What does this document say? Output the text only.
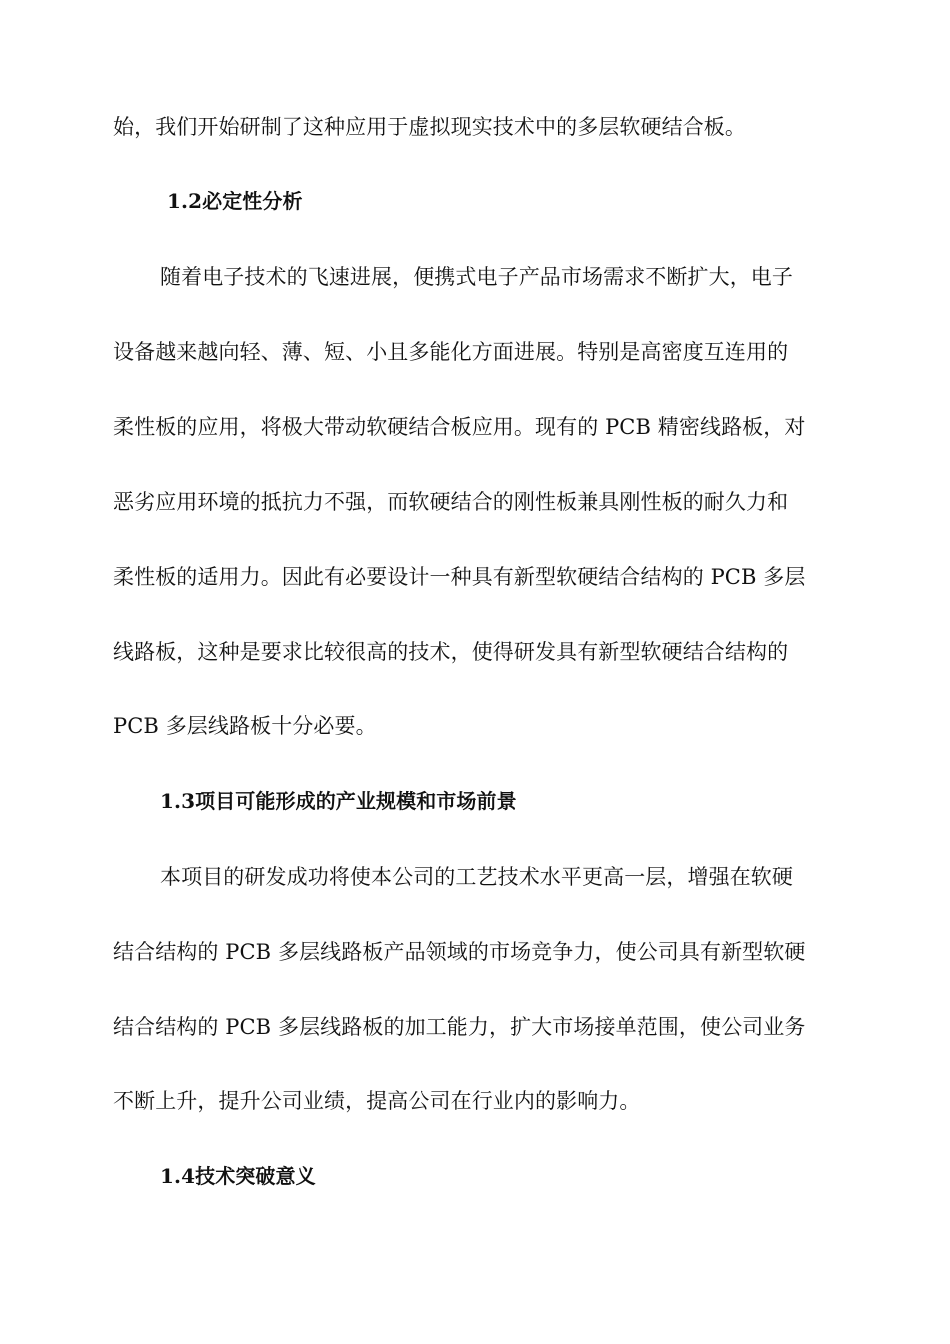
始，我们开始研制了这种应用于虚拟现实技术中的多层软硬结合板。
1.2必定性分析
随着电子技术的飞速进展，便携式电子产品市场需求不断扩大，电子
设备越来越向轻、薄、短、小且多能化方面进展。特别是高密度互连用的
柔性板的应用，将极大带动软硬结合板应用。现有的 PCB 精密线路板，对
恶劣应用环境的抵抗力不强，而软硬结合的刚性板兼具刚性板的耐久力和
柔性板的适用力。因此有必要设计一种具有新型软硬结合结构的 PCB 多层
线路板，这种是要求比较很高的技术，使得研发具有新型软硬结合结构的
PCB 多层线路板十分必要。
1.3项目可能形成的产业规模和市场前景
本项目的研发成功将使本公司的工艺技术水平更高一层，增强在软硬
结合结构的 PCB 多层线路板产品领域的市场竞争力，使公司具有新型软硬
结合结构的 PCB 多层线路板的加工能力，扩大市场接单范围，使公司业务
不断上升，提升公司业绩，提高公司在行业内的影响力。
1.4技术突破意义
